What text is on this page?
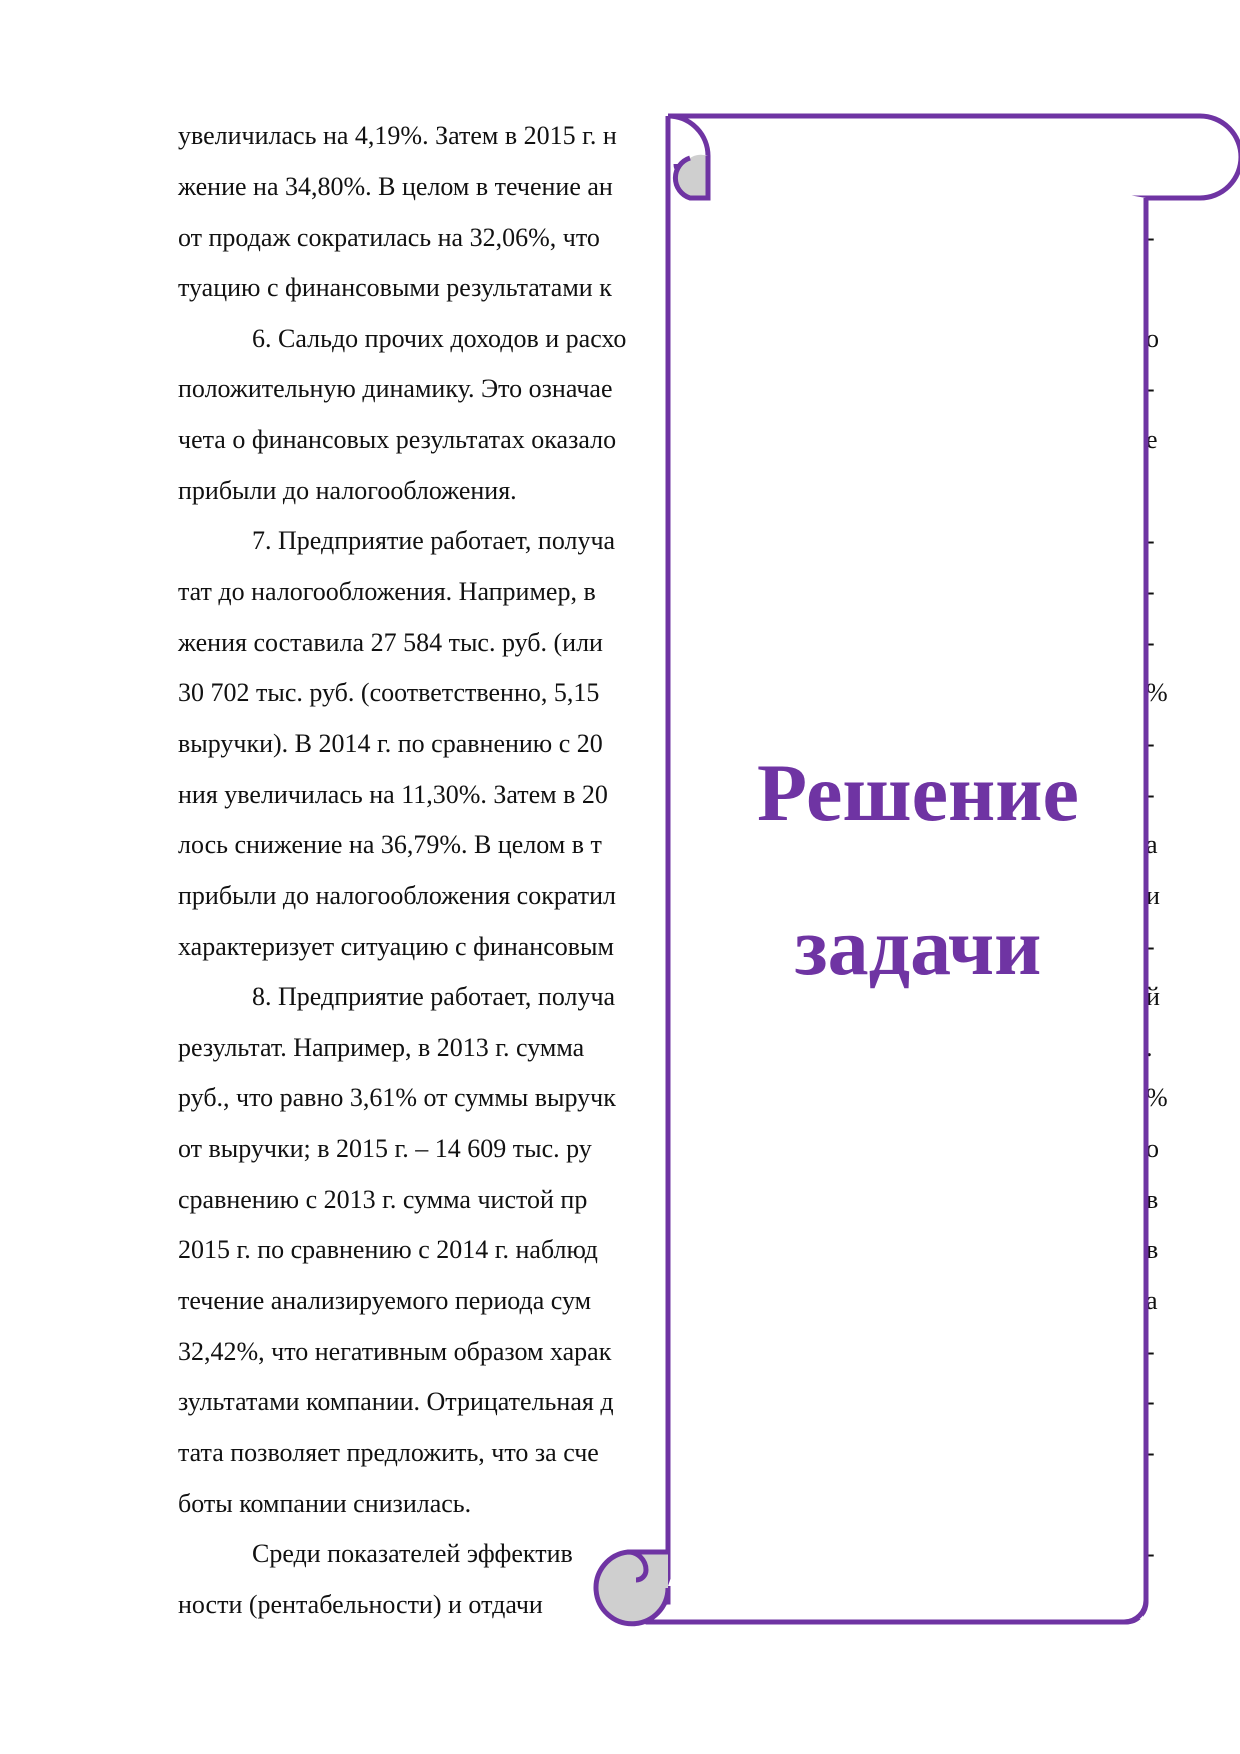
увеличилась на 4,19%. Затем в 2015 г. н
жение на 34,80%. В целом в течение ан
от продаж сократилась на 32,06%, что
туацию с финансовыми результатами к
6. Сальдо прочих доходов и расхо
положительную динамику. Это означае
чета о финансовых результатах оказало
прибыли до налогообложения.
7. Предприятие работает, получа
тат до налогообложения. Например, в
жения составила 27 584 тыс. руб. (или
30 702 тыс. руб. (соответственно, 5,15
выручки). В 2014 г. по сравнению с 20
ния увеличилась на 11,30%. Затем в 20
лось снижение на 36,79%. В целом в т
прибыли до налогообложения сократил
характеризует ситуацию с финансовым
8. Предприятие работает, получа
результат. Например, в 2013 г. сумма
руб., что равно 3,61% от суммы выручк
от выручки; в 2015 г. – 14 609 тыс. ру
сравнению с 2013 г. сумма чистой пр
2015 г. по сравнению с 2014 г. наблюд
течение анализируемого периода сум
32,42%, что негативным образом харак
зультатами компании. Отрицательная д
тата позволяет предложить, что за сче
боты компании снизилась.
Среди показателей эффектив
ности (рентабельности) и отдачи
-
о
-
е
-
-
-
%
-
-
а
и
-
й
.
%
о
в
в
а
-
-
-
-
Решение
задачи
